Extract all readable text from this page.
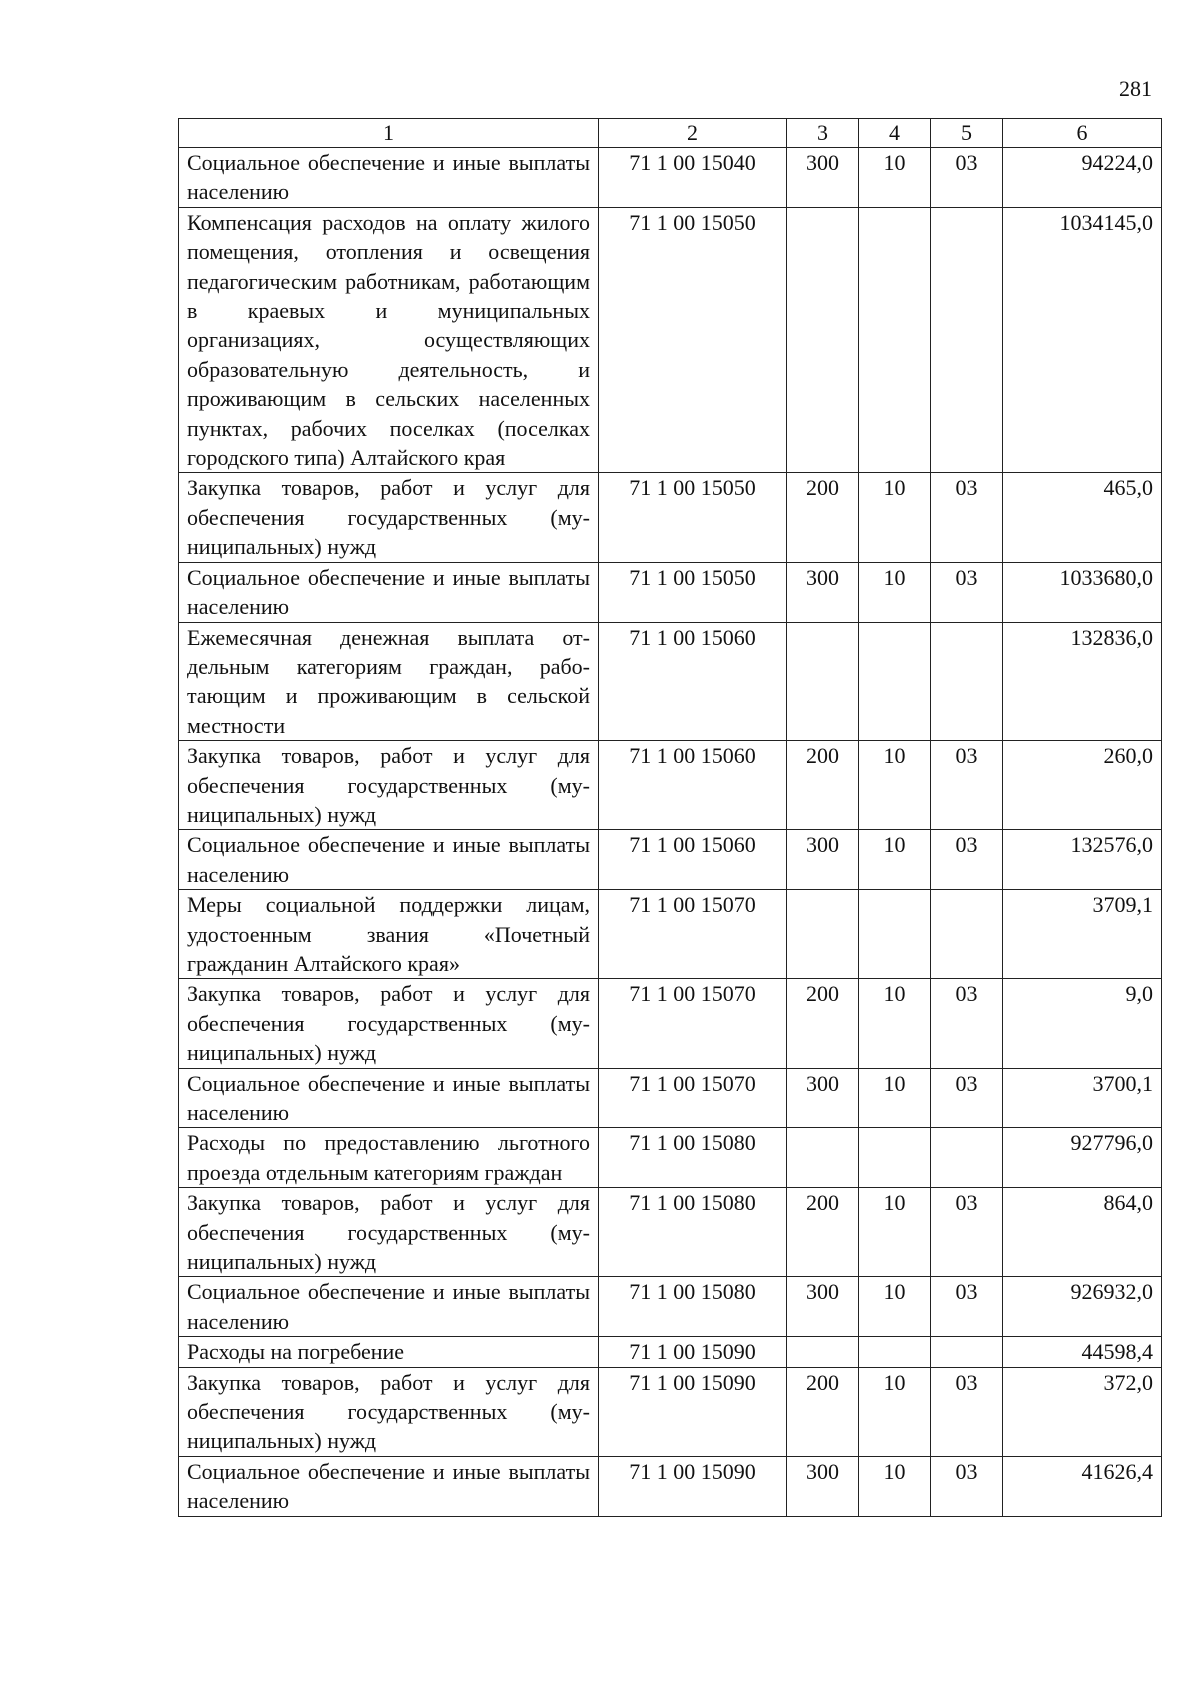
281
1	2	3	4	5	6
Социальное обеспечение и иные выплаты населению	71 1 00 15040	300	10	03	94224,0
Компенсация расходов на оплату жилого помещения, отопления и освещения педагогическим работникам, работающим в краевых и муниципальных организациях, осуществляющих образовательную деятельность, и проживающим в сельских населенных пунктах, рабочих поселках (поселках городского типа) Алтайского края	71 1 00 15050				1034145,0
Закупка товаров, работ и услуг для обеспечения государственных (муниципальных) нужд	71 1 00 15050	200	10	03	465,0
Социальное обеспечение и иные выплаты населению	71 1 00 15050	300	10	03	1033680,0
Ежемесячная денежная выплата отдельным категориям граждан, работающим и проживающим в сельской местности	71 1 00 15060				132836,0
Закупка товаров, работ и услуг для обеспечения государственных (муниципальных) нужд	71 1 00 15060	200	10	03	260,0
Социальное обеспечение и иные выплаты населению	71 1 00 15060	300	10	03	132576,0
Меры социальной поддержки лицам, удостоенным звания «Почетный гражданин Алтайского края»	71 1 00 15070				3709,1
Закупка товаров, работ и услуг для обеспечения государственных (муниципальных) нужд	71 1 00 15070	200	10	03	9,0
Социальное обеспечение и иные выплаты населению	71 1 00 15070	300	10	03	3700,1
Расходы по предоставлению льготного проезда отдельным категориям граждан	71 1 00 15080				927796,0
Закупка товаров, работ и услуг для обеспечения государственных (муниципальных) нужд	71 1 00 15080	200	10	03	864,0
Социальное обеспечение и иные выплаты населению	71 1 00 15080	300	10	03	926932,0
Расходы на погребение	71 1 00 15090				44598,4
Закупка товаров, работ и услуг для обеспечения государственных (муниципальных) нужд	71 1 00 15090	200	10	03	372,0
Социальное обеспечение и иные выплаты населению	71 1 00 15090	300	10	03	41626,4
